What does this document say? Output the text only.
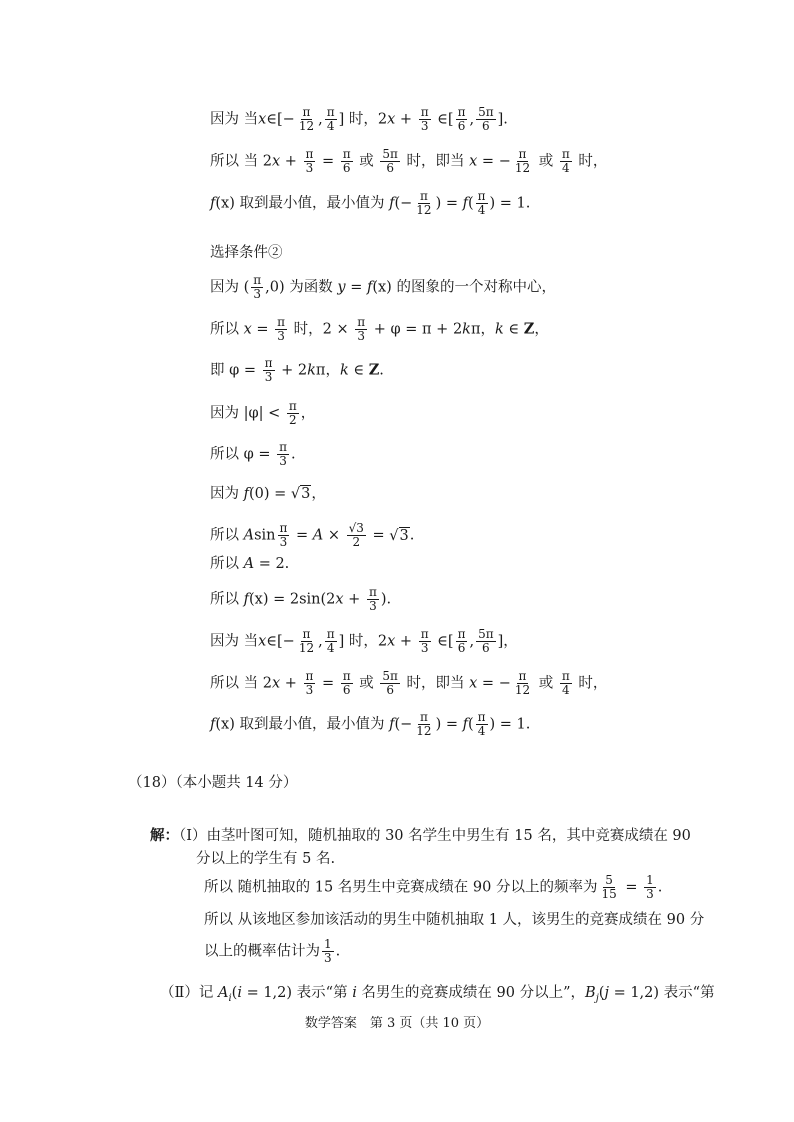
因为 当x∈[− $\frac{\pi}{12}$ , $\frac{\pi}{4}$ ] 时，$2x + \frac{\pi}{3}$ ∈[ $\frac{\pi}{6}$ , $\frac{5\pi}{6}$ ].
所以 当 $2x + \frac{\pi}{3} = \frac{\pi}{6}$ 或 $\frac{5\pi}{6}$ 时，即当 x = − $\frac{\pi}{12}$ 或 $\frac{\pi}{4}$ 时，
f(x) 取到最小值，最小值为 $f(- \frac{\pi}{12}$ ) = $f( \frac{\pi}{4}$ ) = 1.
选择条件②
因为 ( $\frac{\pi}{3} ,0$) 为函数 y = f(x) 的图象的一个对称中心，
所以 $x = \frac{\pi}{3}$ 时，$2 \times \frac{\pi}{3} + \varphi = \pi + 2k\pi$，k ∈ Z，
即 $\varphi = \frac{\pi}{3} + 2k\pi$，k ∈ Z.
因为 $|\varphi| < \frac{\pi}{2}$ ，
所以 $\varphi = \frac{\pi}{3}$ .
因为 f(0) = √3，
所以 Asin $\frac{\pi}{3} = A \times \frac{√3}{2} = √3$.
所以 A = 2.
所以 $f(x) = 2\sin(2x + \frac{\pi}{3}$ ).
因为 当x∈[− $\frac{\pi}{12}$ , $\frac{\pi}{4}$ ] 时，$2x + \frac{\pi}{3}$ ∈[ $\frac{\pi}{6}$ , $\frac{5\pi}{6}$ ]，
所以 当 $2x + \frac{\pi}{3} = \frac{\pi}{6}$ 或 $\frac{5\pi}{6}$ 时，即当 x = − $\frac{\pi}{12}$ 或 $\frac{\pi}{4}$ 时，
f(x) 取到最小值，最小值为 $f(- \frac{\pi}{12}$ ) = $f( \frac{\pi}{4}$ ) = 1.
（18）（本小题共 14 分）
解：（Ⅰ）由茎叶图可知，随机抽取的 30 名学生中男生有 15 名，其中竞赛成绩在 90
分以上的学生有 5 名.
所以 随机抽取的 15 名男生中竞赛成绩在 90 分以上的频率为 $\frac{5}{15} = \frac{1}{3}$ .
所以 从该地区参加该活动的男生中随机抽取 1 人，该男生的竞赛成绩在 90 分
以上的概率估计为 $\frac{1}{3}$ .
（Ⅱ）记 $A_i(i = 1,2)$ 表示“第 i 名男生的竞赛成绩在 90 分以上”，$B_j(j = 1,2)$ 表示“第
数学答案　第 3 页（共 10 页）
